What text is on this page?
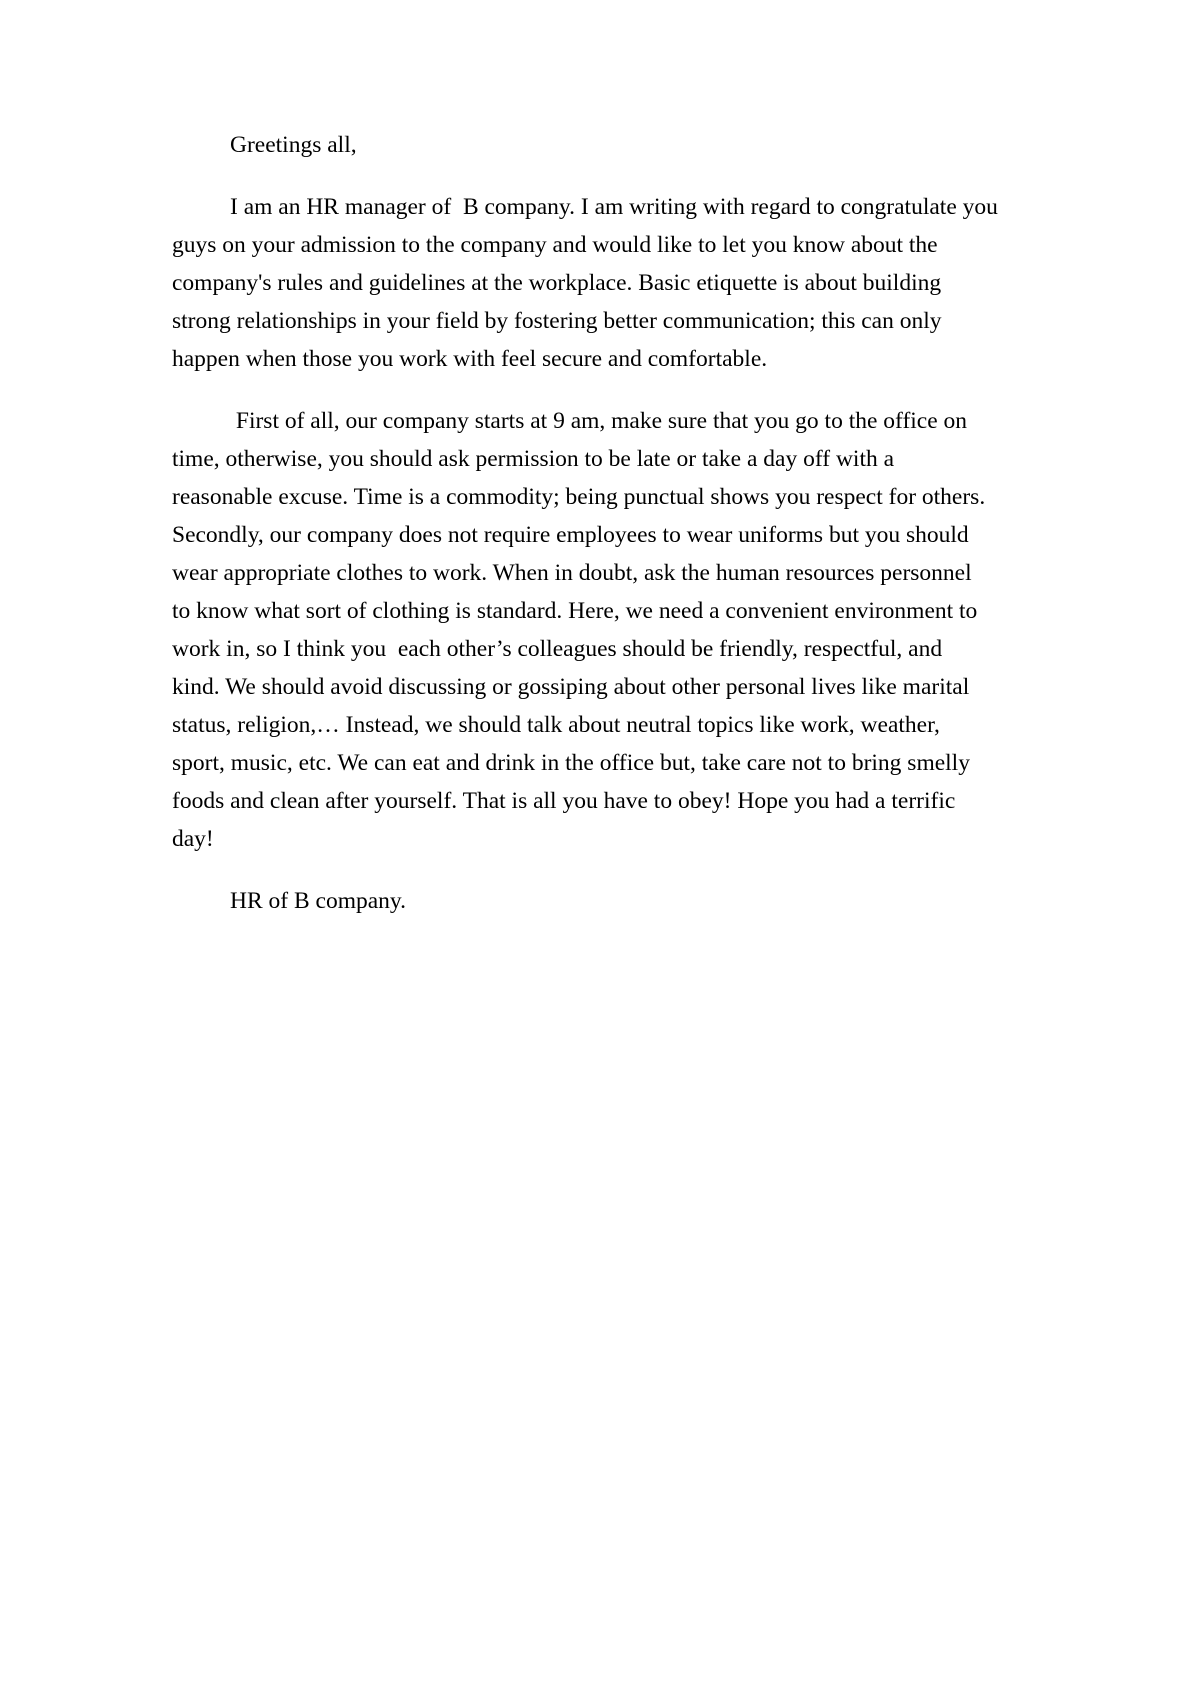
Greetings all,

I am an HR manager of  B company. I am writing with regard to congratulate you
guys on your admission to the company and would like to let you know about the
company's rules and guidelines at the workplace. Basic etiquette is about building
strong relationships in your field by fostering better communication; this can only
happen when those you work with feel secure and comfortable.

First of all, our company starts at 9 am, make sure that you go to the office on
time, otherwise, you should ask permission to be late or take a day off with a
reasonable excuse. Time is a commodity; being punctual shows you respect for others.
Secondly, our company does not require employees to wear uniforms but you should
wear appropriate clothes to work. When in doubt, ask the human resources personnel
to know what sort of clothing is standard. Here, we need a convenient environment to
work in, so I think you  each other’s colleagues should be friendly, respectful, and
kind. We should avoid discussing or gossiping about other personal lives like marital
status, religion,… Instead, we should talk about neutral topics like work, weather,
sport, music, etc. We can eat and drink in the office but, take care not to bring smelly
foods and clean after yourself. That is all you have to obey! Hope you had a terrific
day!

HR of B company.
